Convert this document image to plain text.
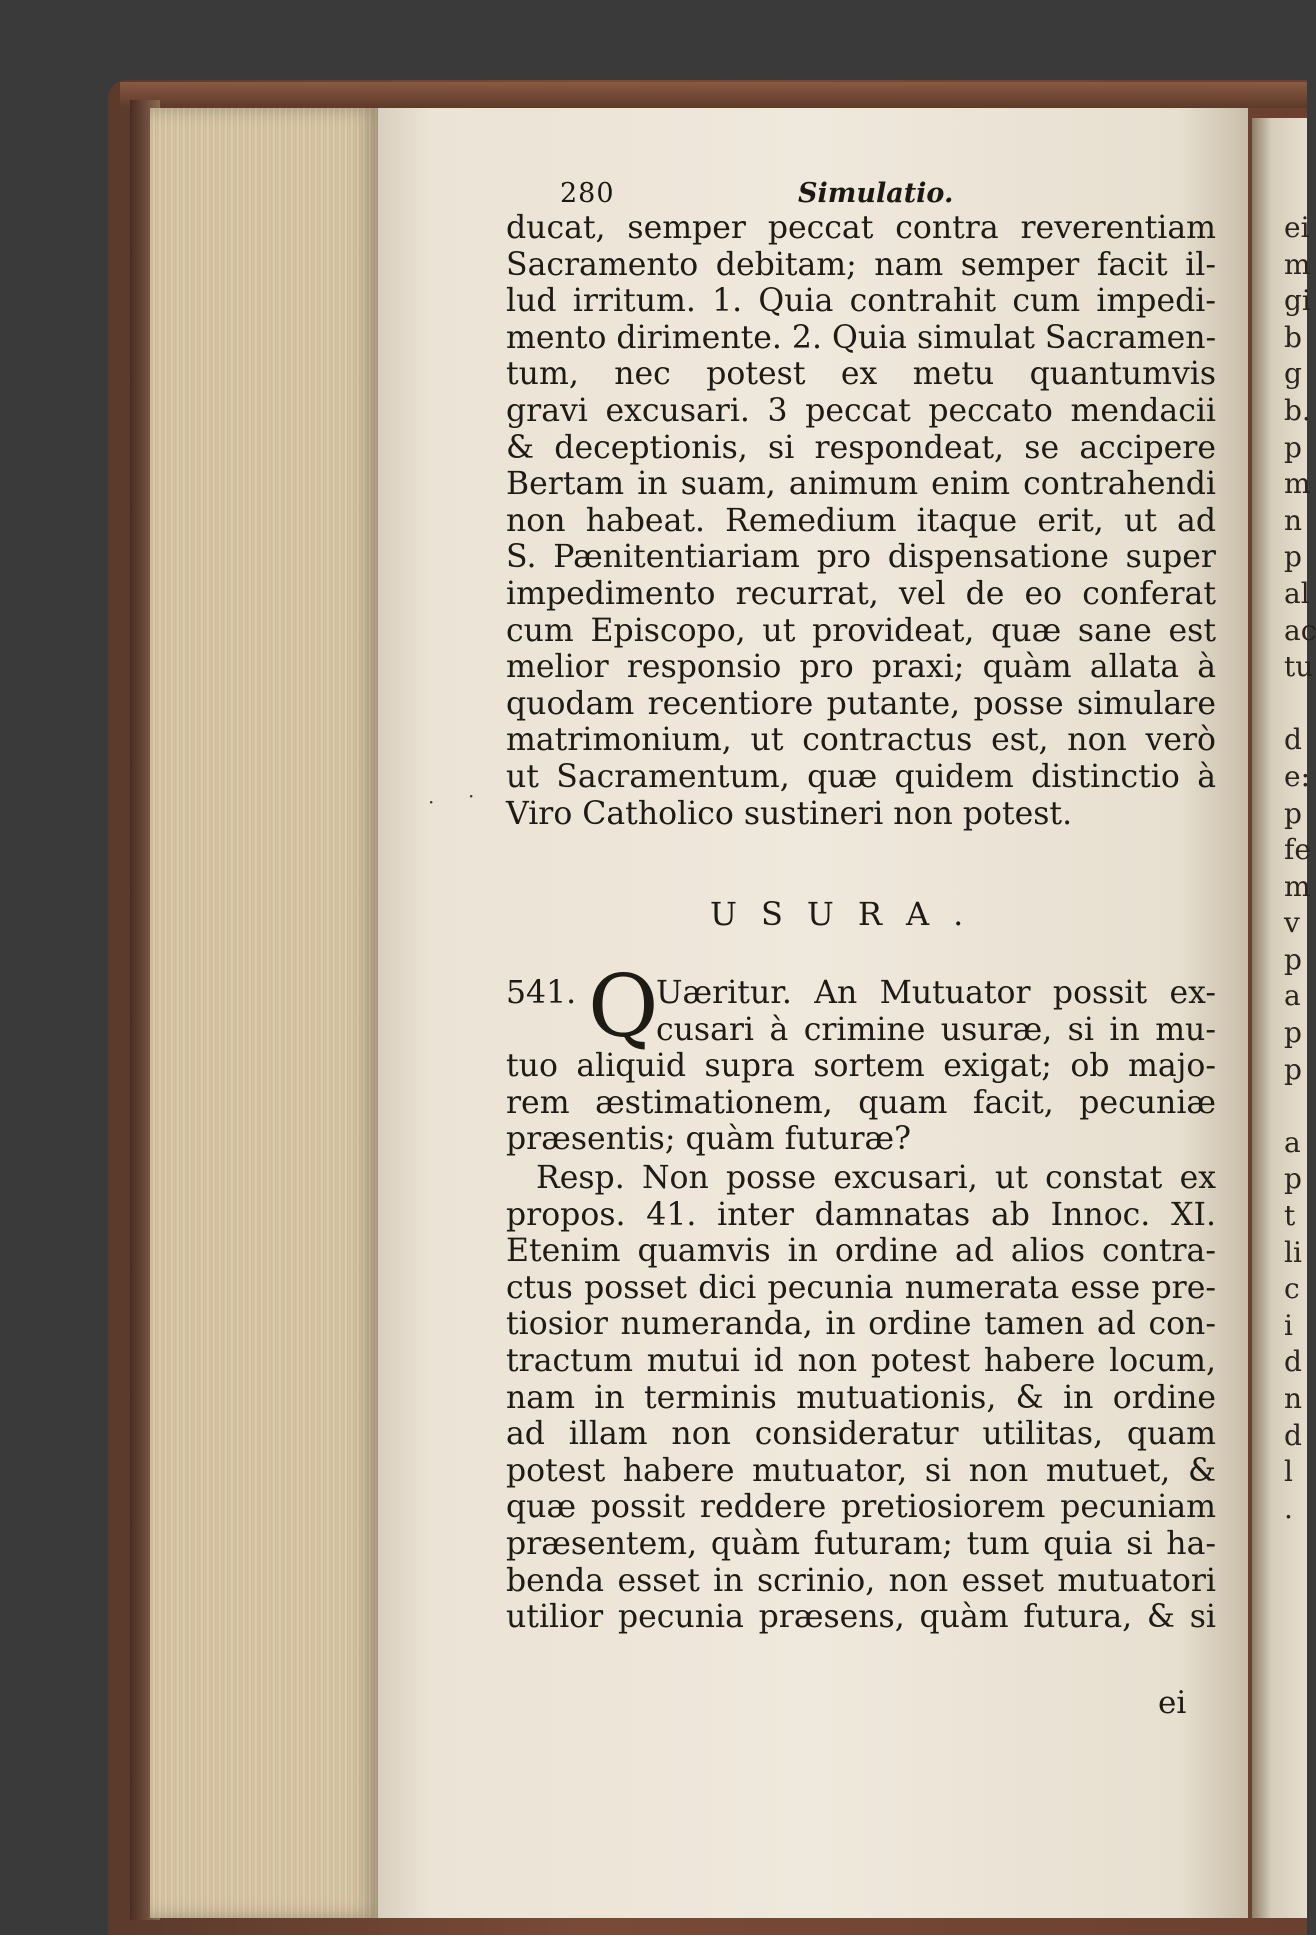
280	Simulatio.
ducat, semper peccat contra reverentiam
Sacramento debitam; nam semper facit il-
lud irritum. 1. Quia contrahit cum impedi-
mento dirimente. 2. Quia simulat Sacramen-
tum, nec potest ex metu quantumvis
gravi excusari. 3 peccat peccato mendacii
& deceptionis, si respondeat, se accipere
Bertam in suam, animum enim contrahendi
non habeat. Remedium itaque erit, ut ad
S. Pænitentiariam pro dispensatione super
impedimento recurrat, vel de eo conferat
cum Episcopo, ut provideat, quæ sane est
melior responsio pro praxi; quàm allata à
quodam recentiore putante, posse simulare
matrimonium, ut contractus est, non verò
ut Sacramentum, quæ quidem distinctio à
Viro Catholico sustineri non potest.
USURA.
541. Q
Uæritur. An Mutuator possit ex-
cusari à crimine usuræ, si in mu-
tuo aliquid supra sortem exigat; ob majo-
rem æstimationem, quam facit, pecuniæ
præsentis; quàm futuræ?
Resp. Non posse excusari, ut constat ex
propos. 41. inter damnatas ab Innoc. XI.
Etenim quamvis in ordine ad alios contra-
ctus posset dici pecunia numerata esse pre-
tiosior numeranda, in ordine tamen ad con-
tractum mutui id non potest habere locum,
nam in terminis mutuationis, & in ordine
ad illam non consideratur utilitas, quam
potest habere mutuator, si non mutuet, &
quæ possit reddere pretiosiorem pecuniam
præsentem, quàm futuram; tum quia si ha-
benda esset in scrinio, non esset mutuatori
utilior pecunia præsens, quàm futura, & si
ei
ei
m
gi
b
g
b.
p
m
n
p
al
ac
tu

d
e:
p
fe
m
v
p
a
p
p

a
p
t
li
c
i
d
n
d
l
.
· ·
